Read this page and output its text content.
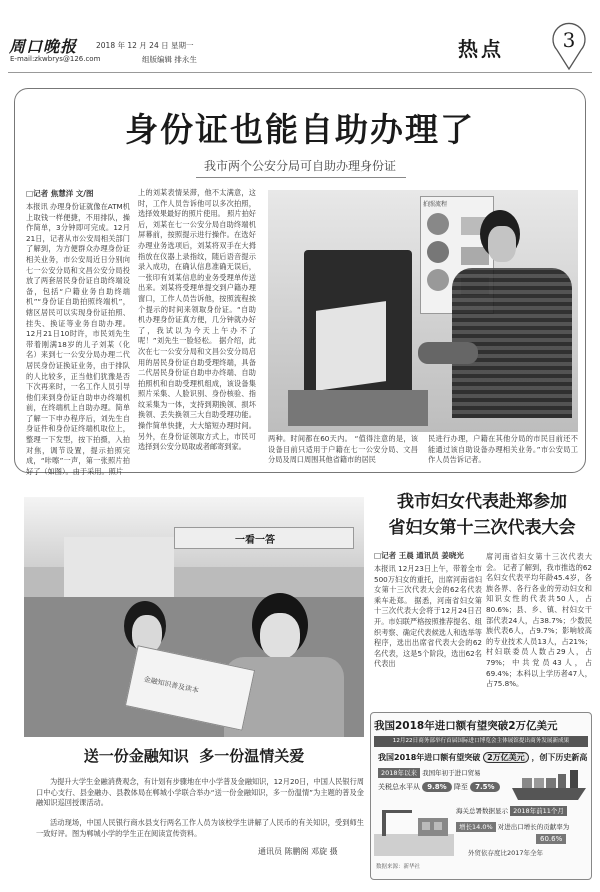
周口晚报	2018 年 12 月 24 日 星期一
组版编辑 排永生
E-mail:zkwbrys@126.com	热点	3
身份证也能自助办理了
我市两个公安分局可自助办理身份证
□记者 焦慧洋 文/图
本报讯 办理身份证就像在ATM机上取钱一样便捷，不用排队，操作简单，3分钟即可完成。12月21日，记者从市公安局相关部门了解到，为方便群众办理身份证相关业务，市公安局近日分别向七一公安分局和文昌公安分局投放了两套居民身份证自助终端设备，包括“户籍业务自助终端机”“身份证自助拍照终端机”，辖区居民可以实现身份证拍照、挂失、换证等业务自助办理。 12月21日10时许，市民刘先生带着刚满18岁的儿子刘某（化名）来到七一公安分局办理二代居民身份证换证业务，由于排队的人比较多，正当他们犹豫是否下次再来时，一名工作人员引导他们来到身份证自助申办终端机前，在终端机上自助办理。简单了解一下申办程序后，刘先生自身证件和身份证终端机取位上，整理一下发型，按下拍摄，入拍对焦，调节设置，提示拍照完成，“咔嚓”一声，第一张照片拍好了（如图）。由于采用。照片
上的刘某表情呆滞，他不太满意，这时，工作人员告诉他可以多次拍照，选择效果最好的照片使用。 照片拍好后，刘某在七一公安分局自助终端机屏幕前，按照提示进行操作。在选好办理业务选项后，刘某将双手在大拇指放在仪器上录指纹，随后语音提示录入成功，在确认信息准确无误后，一张印有刘某信息的业务受理单传送出来。刘某将受理单提交到户籍办理窗口，工作人员告诉他，按照流程挨个提示的时间来领取身份证。“自助机办理身份证真方便，几分钟就办好了，我试以为今天上午办不了呢！”刘先生一脸轻松。 据介绍，此次在七一公安分局和文昌公安分局启用的居民身份证自助受理终端，具备二代居民身份证自助申办终端、自助拍照机和自助受理机组成，该设备集照片采集、人脸识别、身份核验、指纹采集为一体，支持到期换领、损坏换领、丢失换领三大自助受理功能。操作简单快捷，大大缩短办理时间。另外，在身份证领取方式上，市民可选择到公安分局取或者邮寄到家。
拍照流程
两种。时间都在60天内。 “值得注意的是，该设备目前只适用于户籍在七一公安分局、文昌分局及周口周围其他省籍市的居民
民进行办理，户籍在其他分局的市民目前还不能通过该自助设备办理相关业务。”市公安局工作人员告诉记者。
一看一答
金融知识普及读本
送一份金融知识  多一份温情关爱
为提升大学生金融消费观念，有计划有步骤地在中小学普及金融知识，12月20日，中国人民银行周口中心支行、县金融办、县教体局在郸城小学联合举办“送一份金融知识，多一份温情”为主题的普及金融知识巡回授课活动。
活动现场，中国人民银行商水县支行两名工作人员为该校学生讲解了人民币的有关知识，受到师生一致好评。图为郸城小学的学生正在阅读宣传资料。
通讯员 陈鹏阁 邓旋 摄
我市妇女代表赴郑参加
省妇女第十三次代表大会
□记者 王晨 通讯员 姜晓光
本报讯 12月23日上午，带着全市500万妇女的重托，出席河南省妇女第十三次代表大会的62名代表乘车赴郑。 据悉，河南省妇女第十三次代表大会将于12月24日召开。市妇联严格按照推荐提名、组织考察、确定代表候选人和选举等程序，选出出席省代表大会的62名代表，这是5个阶段，选出62名代表出
席河南省妇女第十三次代表大会。 记者了解到，我市推选的62名妇女代表平均年龄45.4岁，各族各界、各行各业的劳动妇女和知识女性的代表共50人，占80.6%；县、乡、镇、村妇女干部代表24人，占38.7%；少数民族代表6人，占9.7%；影响较高的专业技术人员13人，占21%；村妇联委员人数占29人，占79%；中共党员43人，占69.4%；本科以上学历者47人，占75.8%。
我国2018年进口额有望突破2万亿美元
12月22日商务部举行首届国际进口博览会主体展馆提出商务发展新成果
我国2018年进口额有望突破 2万亿美元 ，创下历史新高
2018年以来 我国年初于进口贸易
关税总水平从 9.8% 降至 7.5%
海关总署数据显示 2018年前11个月
增长14.0% 对进出口增长的贡献率为
60.6%
外贸依存度比2017年全年
数据来源：新华社
